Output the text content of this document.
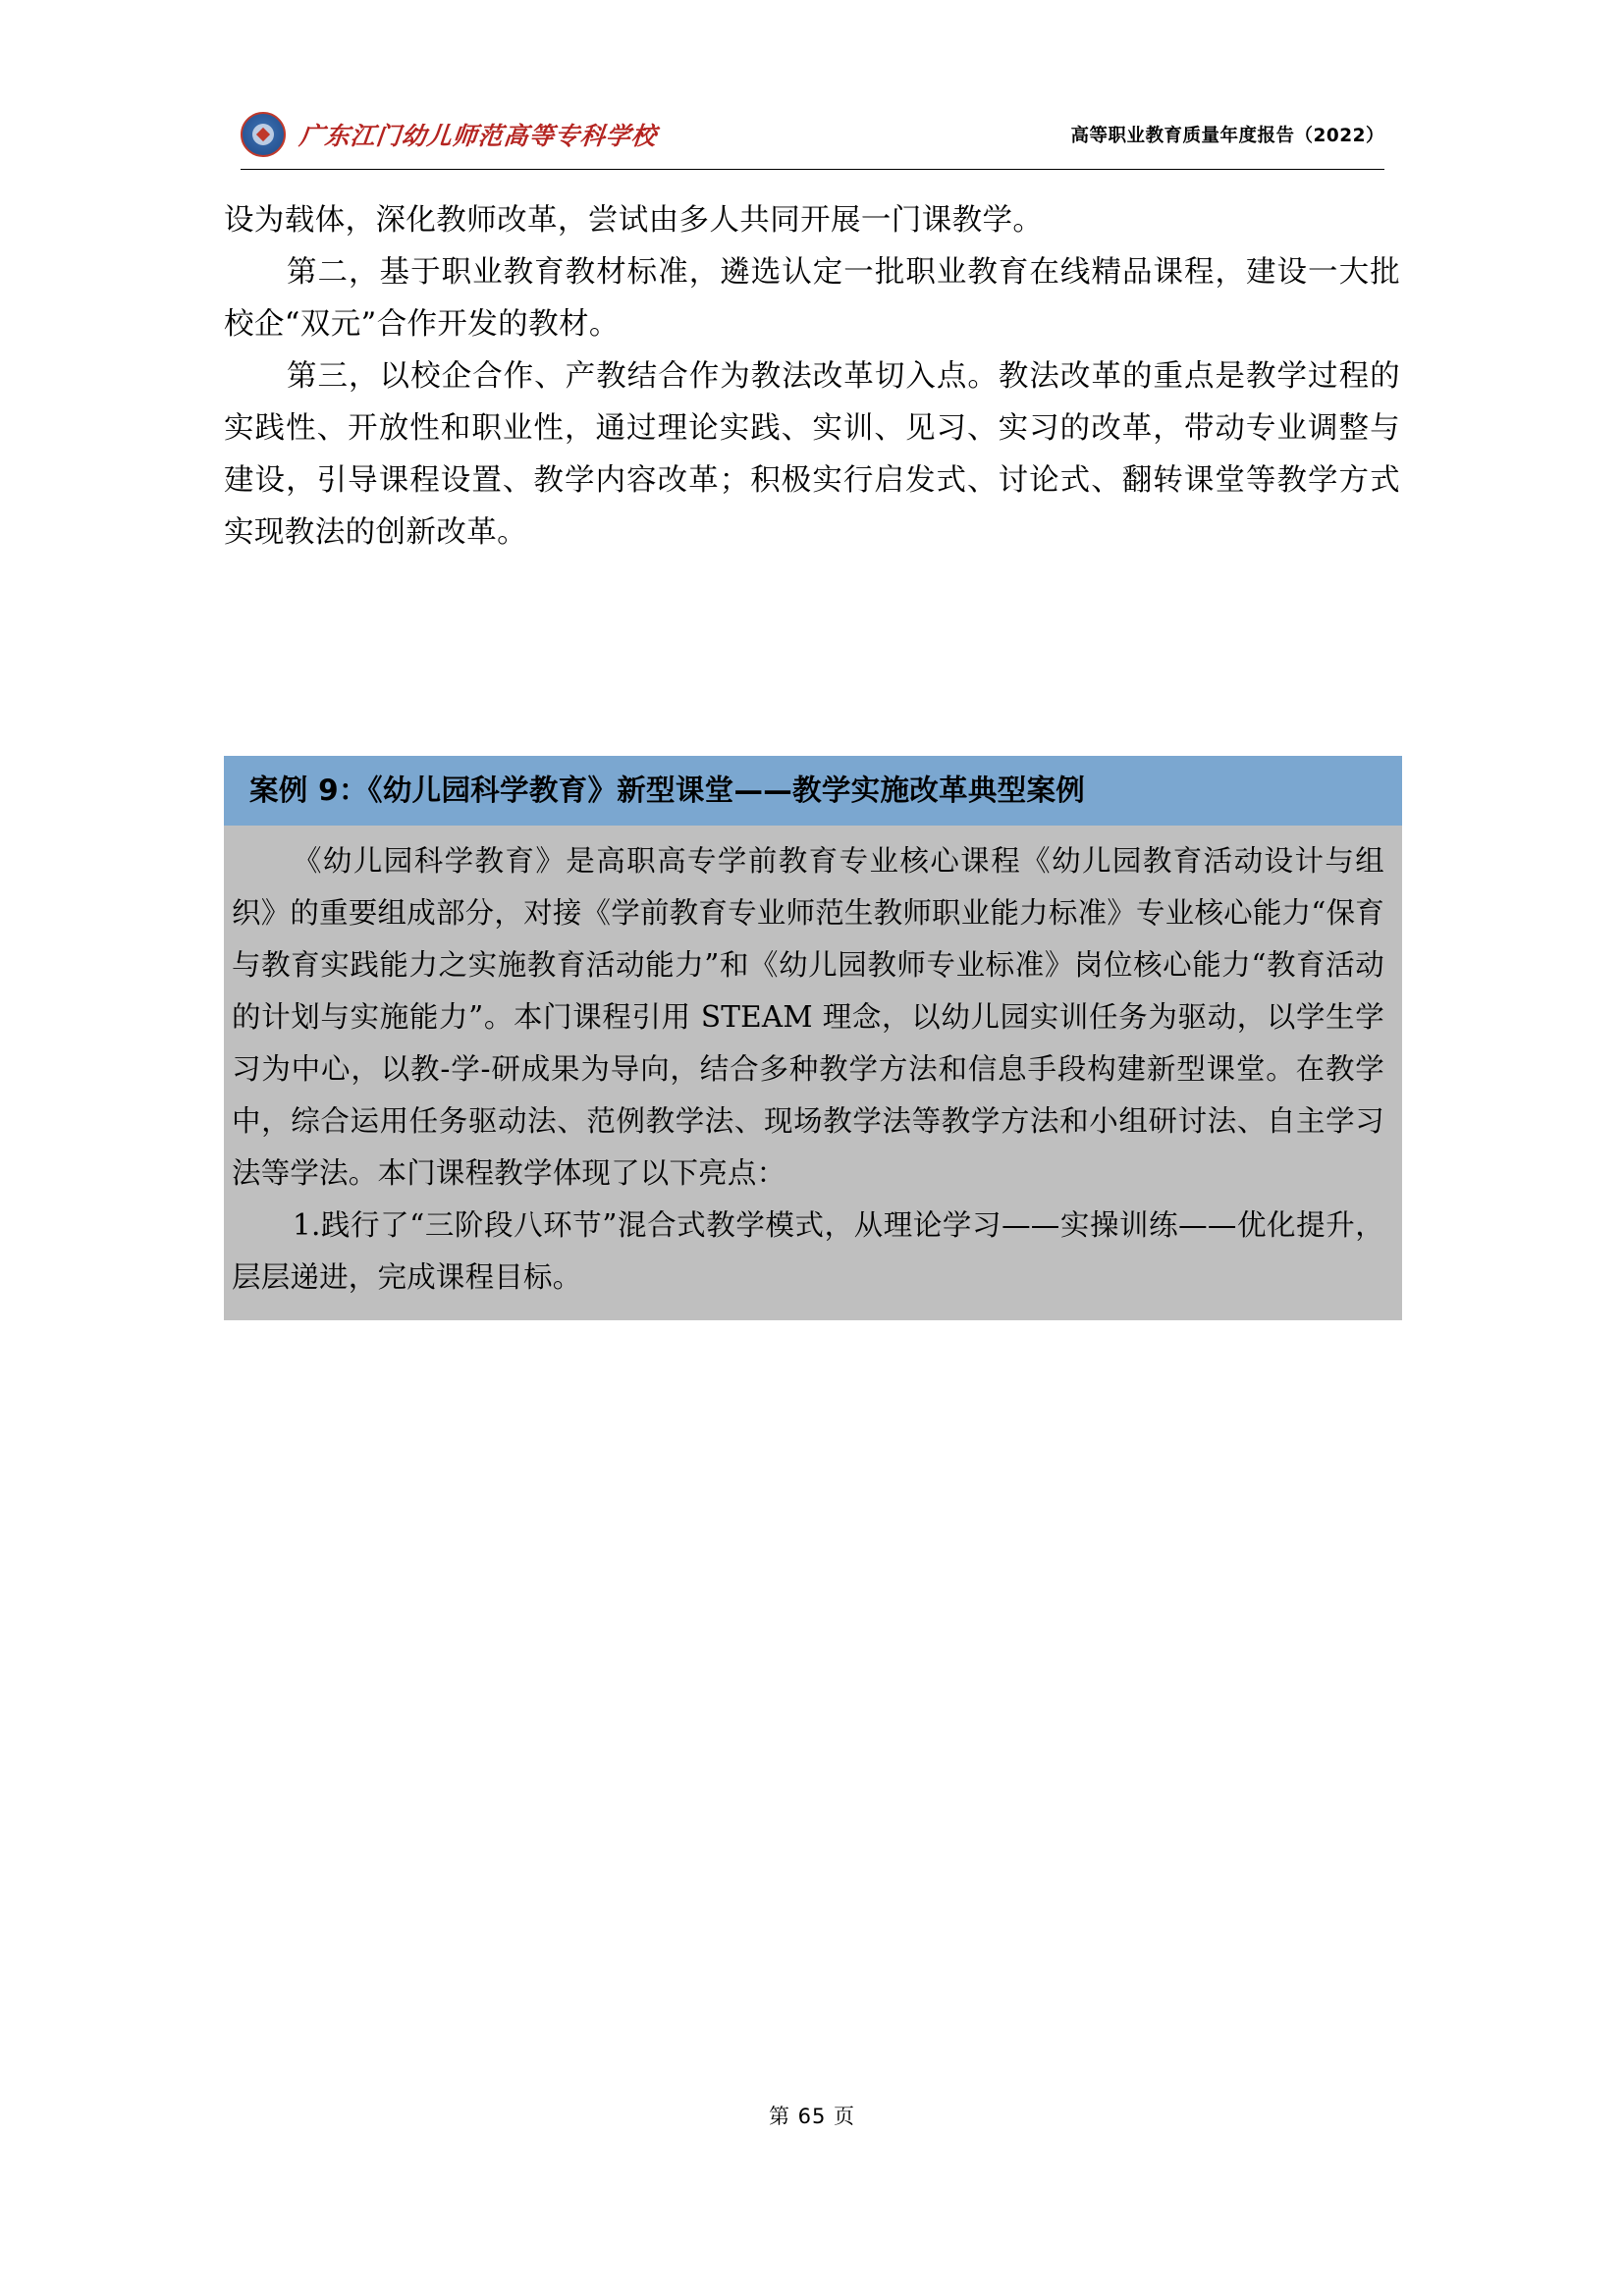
广东江门幼儿师范高等专科学校	高等职业教育质量年度报告（2022）

设为载体，深化教师改革，尝试由多人共同开展一门课教学。

第二，基于职业教育教材标准，遴选认定一批职业教育在线精品课程，建设一大批校企“双元”合作开发的教材。

第三，以校企合作、产教结合作为教法改革切入点。教法改革的重点是教学过程的实践性、开放性和职业性，通过理论实践、实训、见习、实习的改革，带动专业调整与建设，引导课程设置、教学内容改革；积极实行启发式、讨论式、翻转课堂等教学方式实现教法的创新改革。

案例 9：《幼儿园科学教育》新型课堂——教学实施改革典型案例

《幼儿园科学教育》是高职高专学前教育专业核心课程《幼儿园教育活动设计与组织》的重要组成部分，对接《学前教育专业师范生教师职业能力标准》专业核心能力“保育与教育实践能力之实施教育活动能力”和《幼儿园教师专业标准》岗位核心能力“教育活动的计划与实施能力”。本门课程引用 STEAM 理念，以幼儿园实训任务为驱动，以学生学习为中心，以教-学-研成果为导向，结合多种教学方法和信息手段构建新型课堂。在教学中，综合运用任务驱动法、范例教学法、现场教学法等教学方法和小组研讨法、自主学习法等学法。本门课程教学体现了以下亮点：

1.践行了“三阶段八环节”混合式教学模式，从理论学习——实操训练——优化提升，层层递进，完成课程目标。

第 65 页
